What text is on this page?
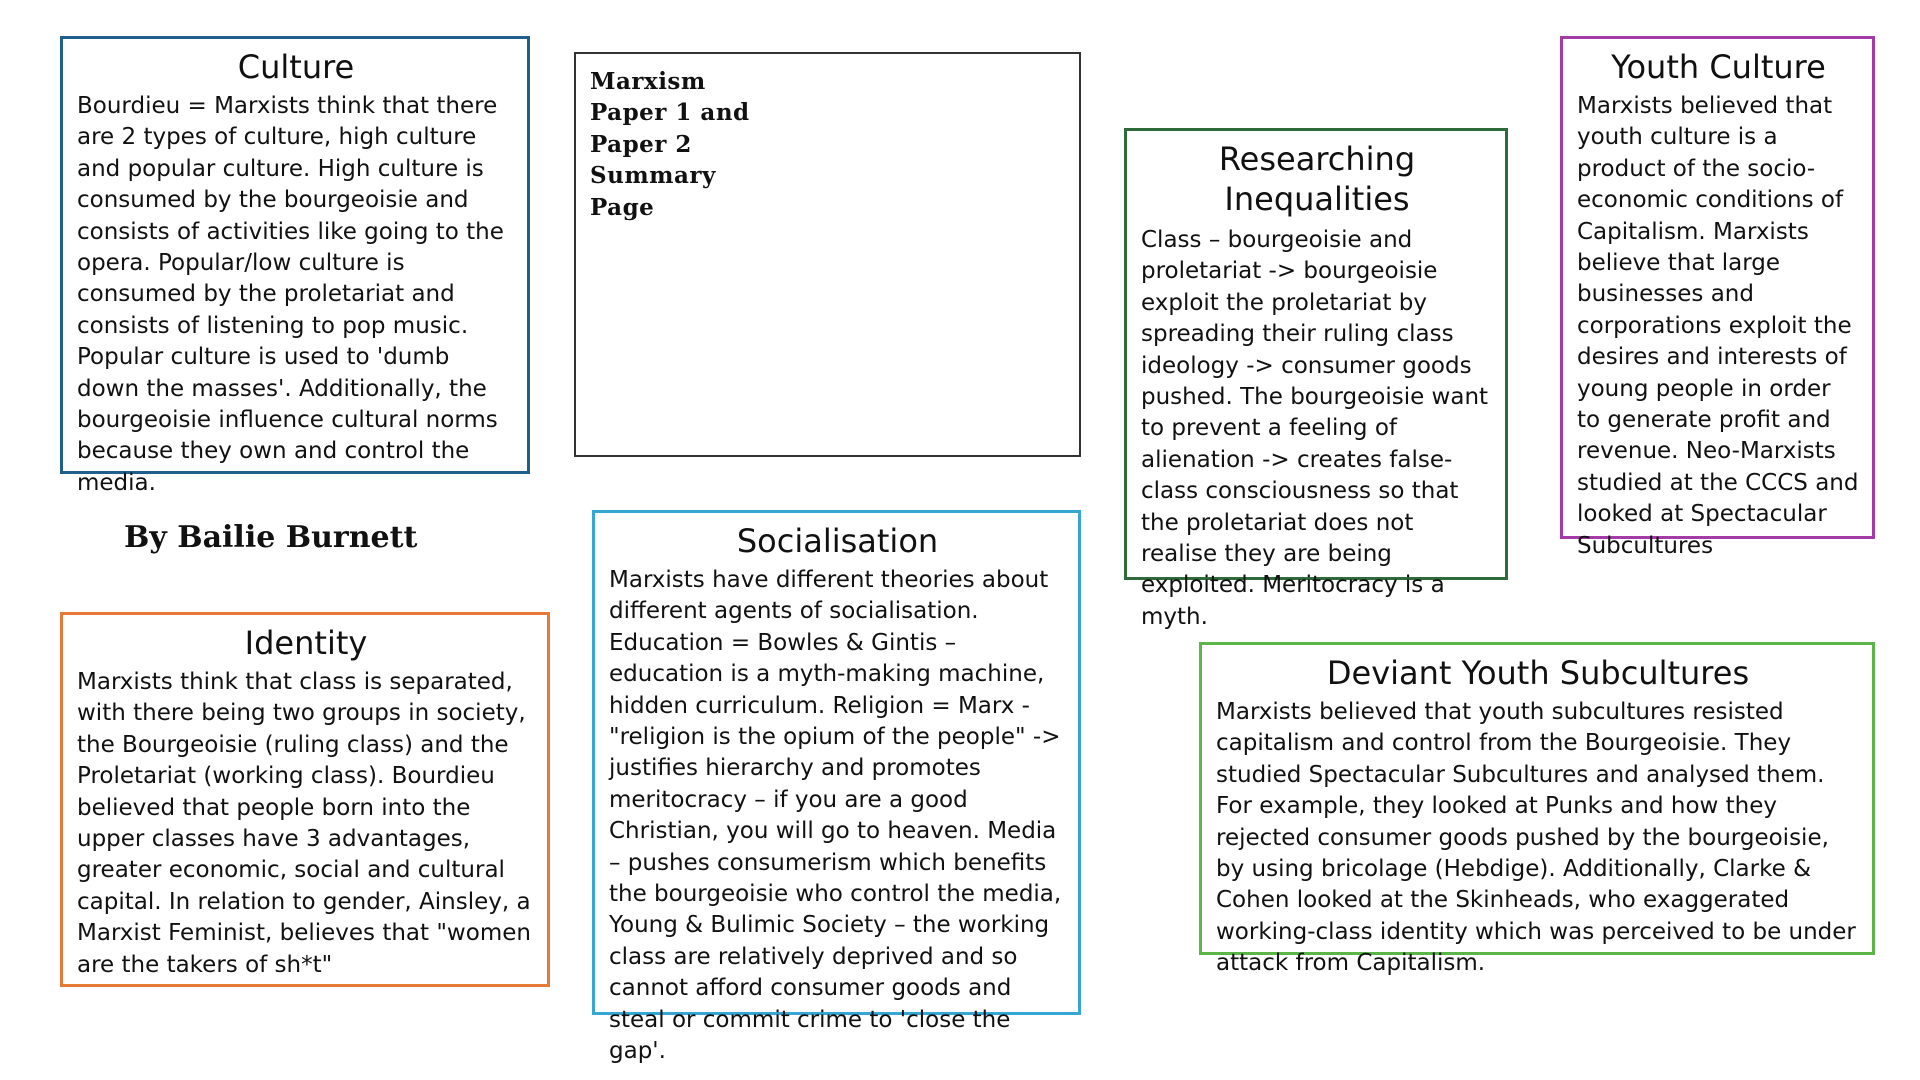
Culture

Bourdieu = Marxists think that there are 2 types of culture, high culture and popular culture. High culture is consumed by the bourgeoisie and consists of activities like going to the opera. Popular/low culture is consumed by the proletariat and consists of listening to pop music. Popular culture is used to 'dumb down the masses'. Additionally, the bourgeoisie influence cultural norms because they own and control the media.

Marxism

Paper 1 and

Paper 2

Summary

Page

By Bailie Burnett

Youth Culture

Marxists believed that youth culture is a product of the socio-economic conditions of Capitalism. Marxists believe that large businesses and corporations exploit the desires and interests of young people in order to generate profit and revenue. Neo-Marxists studied at the CCCS and looked at Spectacular Subcultures

Researching
Inequalities

Class – bourgeoisie and proletariat -> bourgeoisie exploit the proletariat by spreading their ruling class ideology -> consumer goods pushed. The bourgeoisie want to prevent a feeling of alienation -> creates false-class consciousness so that the proletariat does not realise they are being exploited. Meritocracy is a myth.

Socialisation

Marxists have different theories about different agents of socialisation. Education = Bowles & Gintis – education is a myth-making machine, hidden curriculum. Religion = Marx - "religion is the opium of the people" -> justifies hierarchy and promotes meritocracy – if you are a good Christian, you will go to heaven. Media – pushes consumerism which benefits the bourgeoisie who control the media, Young & Bulimic Society – the working class are relatively deprived and so cannot afford consumer goods and steal or commit crime to 'close the gap'.

Identity

Marxists think that class is separated, with there being two groups in society, the Bourgeoisie (ruling class) and the Proletariat (working class). Bourdieu believed that people born into the upper classes have 3 advantages, greater economic, social and cultural capital. In relation to gender, Ainsley, a Marxist Feminist, believes that "women are the takers of sh*t"

Deviant Youth Subcultures

Marxists believed that youth subcultures resisted capitalism and control from the Bourgeoisie. They studied Spectacular Subcultures and analysed them. For example, they looked at Punks and how they rejected consumer goods pushed by the bourgeoisie, by using bricolage (Hebdige). Additionally, Clarke & Cohen looked at the Skinheads, who exaggerated working-class identity which was perceived to be under attack from Capitalism.
